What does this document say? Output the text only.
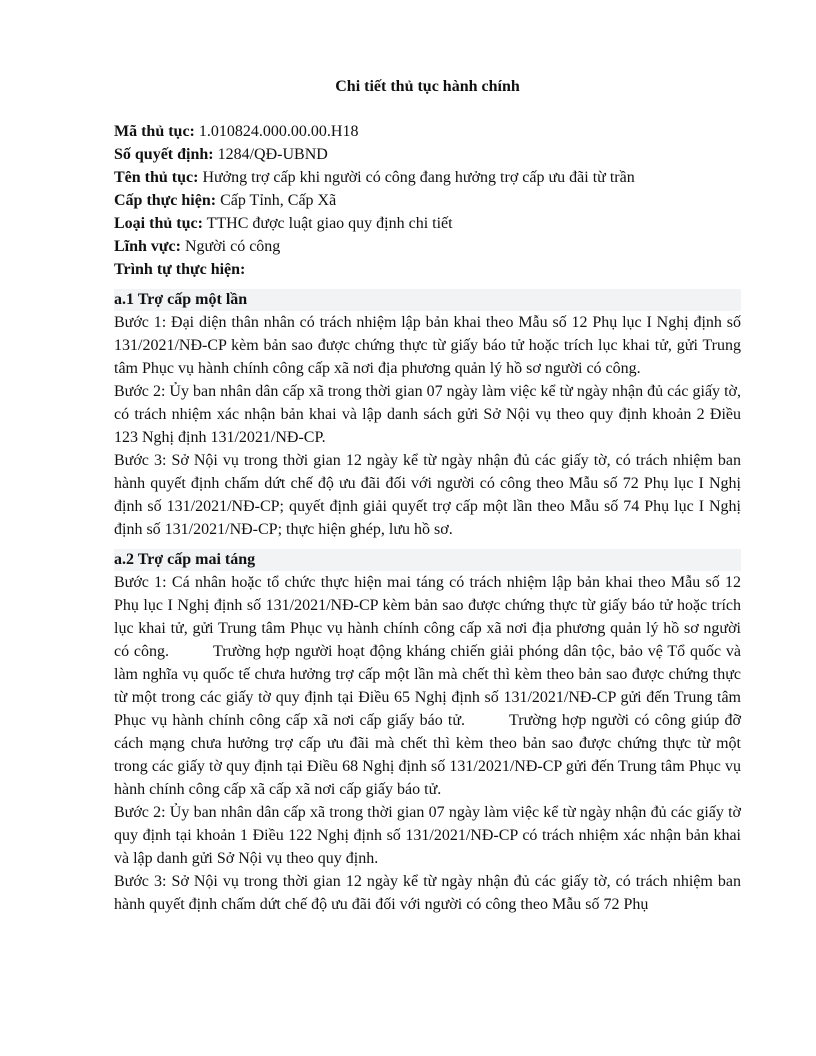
Chi tiết thủ tục hành chính

Mã thủ tục: 1.010824.000.00.00.H18

Số quyết định: 1284/QĐ-UBND

Tên thủ tục: Hưởng trợ cấp khi người có công đang hưởng trợ cấp ưu đãi từ trần

Cấp thực hiện: Cấp Tỉnh, Cấp Xã

Loại thủ tục: TTHC được luật giao quy định chi tiết

Lĩnh vực: Người có công

Trình tự thực hiện:

a.1 Trợ cấp một lần

Bước 1: Đại diện thân nhân có trách nhiệm lập bản khai theo Mẫu số 12 Phụ lục I Nghị định số 131/2021/NĐ-CP kèm bản sao được chứng thực từ giấy báo tử hoặc trích lục khai tử, gửi Trung tâm Phục vụ hành chính công cấp xã nơi địa phương quản lý hồ sơ người có công.

Bước 2: Ủy ban nhân dân cấp xã trong thời gian 07 ngày làm việc kể từ ngày nhận đủ các giấy tờ, có trách nhiệm xác nhận bản khai và lập danh sách gửi Sở Nội vụ theo quy định khoản 2 Điều 123 Nghị định 131/2021/NĐ-CP.

Bước 3: Sở Nội vụ trong thời gian 12 ngày kể từ ngày nhận đủ các giấy tờ, có trách nhiệm ban hành quyết định chấm dứt chế độ ưu đãi đối với người có công theo Mẫu số 72 Phụ lục I Nghị định số 131/2021/NĐ-CP; quyết định giải quyết trợ cấp một lần theo Mẫu số 74 Phụ lục I Nghị định số 131/2021/NĐ-CP; thực hiện ghép, lưu hồ sơ.

a.2 Trợ cấp mai táng

Bước 1: Cá nhân hoặc tổ chức thực hiện mai táng có trách nhiệm lập bản khai theo Mẫu số 12 Phụ lục I Nghị định số 131/2021/NĐ-CP kèm bản sao được chứng thực từ giấy báo tử hoặc trích lục khai tử, gửi Trung tâm Phục vụ hành chính công cấp xã nơi địa phương quản lý hồ sơ người có công.	Trường hợp người hoạt động kháng chiến giải phóng dân tộc, bảo vệ Tổ quốc và làm nghĩa vụ quốc tế chưa hưởng trợ cấp một lần mà chết thì kèm theo bản sao được chứng thực từ một trong các giấy tờ quy định tại Điều 65 Nghị định số 131/2021/NĐ-CP gửi đến Trung tâm Phục vụ hành chính công cấp xã nơi cấp giấy báo tử.	Trường hợp người có công giúp đỡ cách mạng chưa hưởng trợ cấp ưu đãi mà chết thì kèm theo bản sao được chứng thực từ một trong các giấy tờ quy định tại Điều 68 Nghị định số 131/2021/NĐ-CP gửi đến Trung tâm Phục vụ hành chính công cấp xã cấp xã nơi cấp giấy báo tử.

Bước 2: Ủy ban nhân dân cấp xã trong thời gian 07 ngày làm việc kể từ ngày nhận đủ các giấy tờ quy định tại khoản 1 Điều 122 Nghị định số 131/2021/NĐ-CP có trách nhiệm xác nhận bản khai và lập danh gửi Sở Nội vụ theo quy định.

Bước 3: Sở Nội vụ trong thời gian 12 ngày kể từ ngày nhận đủ các giấy tờ, có trách nhiệm ban hành quyết định chấm dứt chế độ ưu đãi đối với người có công theo Mẫu số 72 Phụ
